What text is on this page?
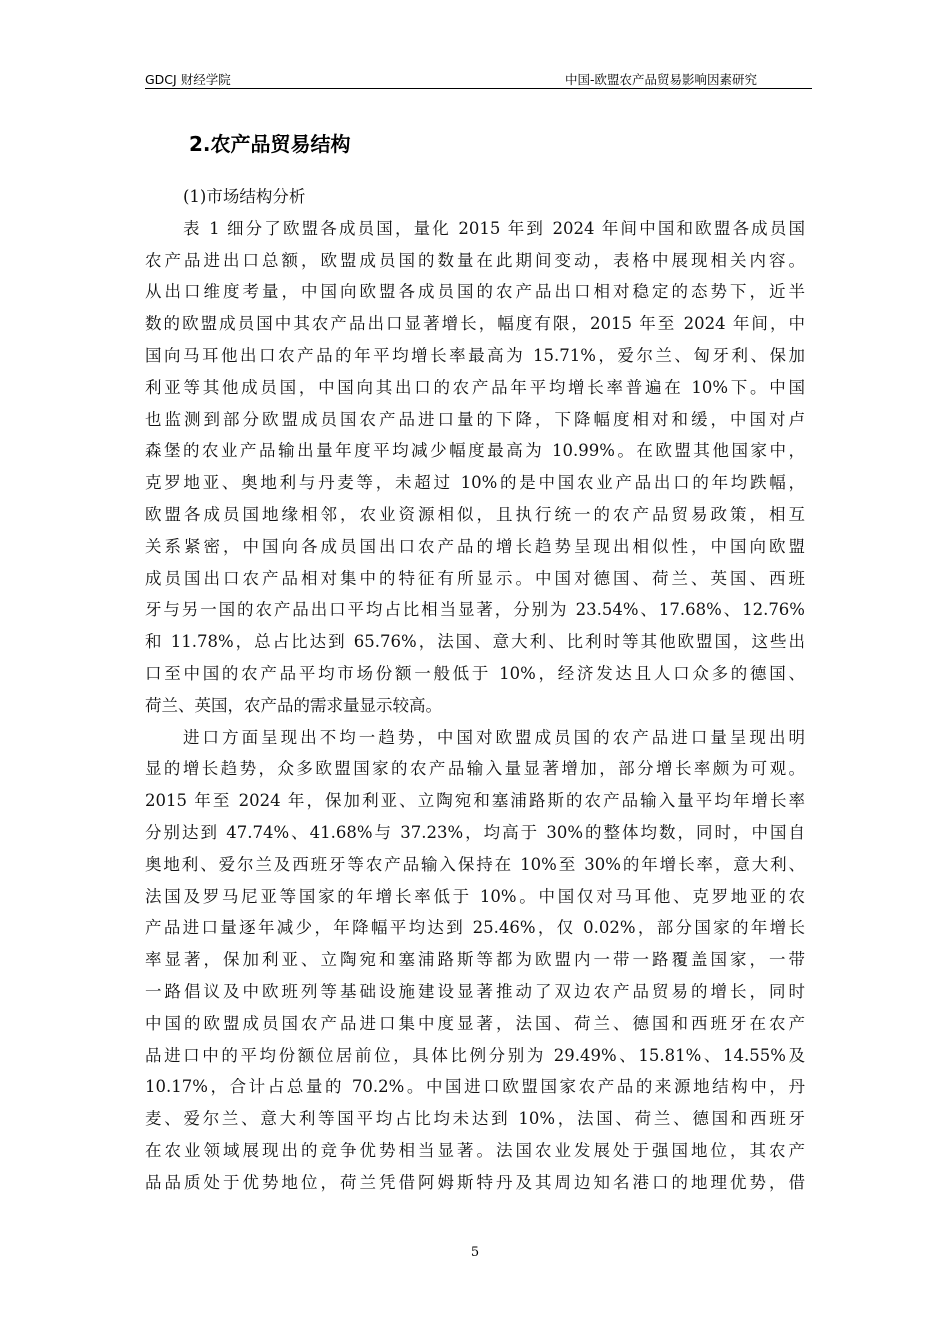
GDCJ 财经学院	中国-欧盟农产品贸易影响因素研究
2.农产品贸易结构
(1)市场结构分析
表 1 细分了欧盟各成员国，量化 2015 年到 2024 年间中国和欧盟各成员国
农产品进出口总额，欧盟成员国的数量在此期间变动，表格中展现相关内容。
从出口维度考量，中国向欧盟各成员国的农产品出口相对稳定的态势下，近半
数的欧盟成员国中其农产品出口显著增长，幅度有限，2015 年至 2024 年间，中
国向马耳他出口农产品的年平均增长率最高为 15.71%，爱尔兰、匈牙利、保加
利亚等其他成员国，中国向其出口的农产品年平均增长率普遍在 10%下。中国
也监测到部分欧盟成员国农产品进口量的下降，下降幅度相对和缓，中国对卢
森堡的农业产品输出量年度平均减少幅度最高为 10.99%。在欧盟其他国家中，
克罗地亚、奥地利与丹麦等，未超过 10%的是中国农业产品出口的年均跌幅，
欧盟各成员国地缘相邻，农业资源相似，且执行统一的农产品贸易政策，相互
关系紧密，中国向各成员国出口农产品的增长趋势呈现出相似性，中国向欧盟
成员国出口农产品相对集中的特征有所显示。中国对德国、荷兰、英国、西班
牙与另一国的农产品出口平均占比相当显著，分别为 23.54%、17.68%、12.76%
和 11.78%，总占比达到 65.76%，法国、意大利、比利时等其他欧盟国，这些出
口至中国的农产品平均市场份额一般低于 10%，经济发达且人口众多的德国、
荷兰、英国，农产品的需求量显示较高。
进口方面呈现出不均一趋势，中国对欧盟成员国的农产品进口量呈现出明
显的增长趋势，众多欧盟国家的农产品输入量显著增加，部分增长率颇为可观。
2015 年至 2024 年，保加利亚、立陶宛和塞浦路斯的农产品输入量平均年增长率
分别达到 47.74%、41.68%与 37.23%，均高于 30%的整体均数，同时，中国自
奥地利、爱尔兰及西班牙等农产品输入保持在 10%至 30%的年增长率，意大利、
法国及罗马尼亚等国家的年增长率低于 10%。中国仅对马耳他、克罗地亚的农
产品进口量逐年减少，年降幅平均达到 25.46%，仅 0.02%，部分国家的年增长
率显著，保加利亚、立陶宛和塞浦路斯等都为欧盟内一带一路覆盖国家，一带
一路倡议及中欧班列等基础设施建设显著推动了双边农产品贸易的增长，同时
中国的欧盟成员国农产品进口集中度显著，法国、荷兰、德国和西班牙在农产
品进口中的平均份额位居前位，具体比例分别为 29.49%、15.81%、14.55%及
10.17%，合计占总量的 70.2%。中国进口欧盟国家农产品的来源地结构中，丹
麦、爱尔兰、意大利等国平均占比均未达到 10%，法国、荷兰、德国和西班牙
在农业领域展现出的竞争优势相当显著。法国农业发展处于强国地位，其农产
品品质处于优势地位，荷兰凭借阿姆斯特丹及其周边知名港口的地理优势，借
5
